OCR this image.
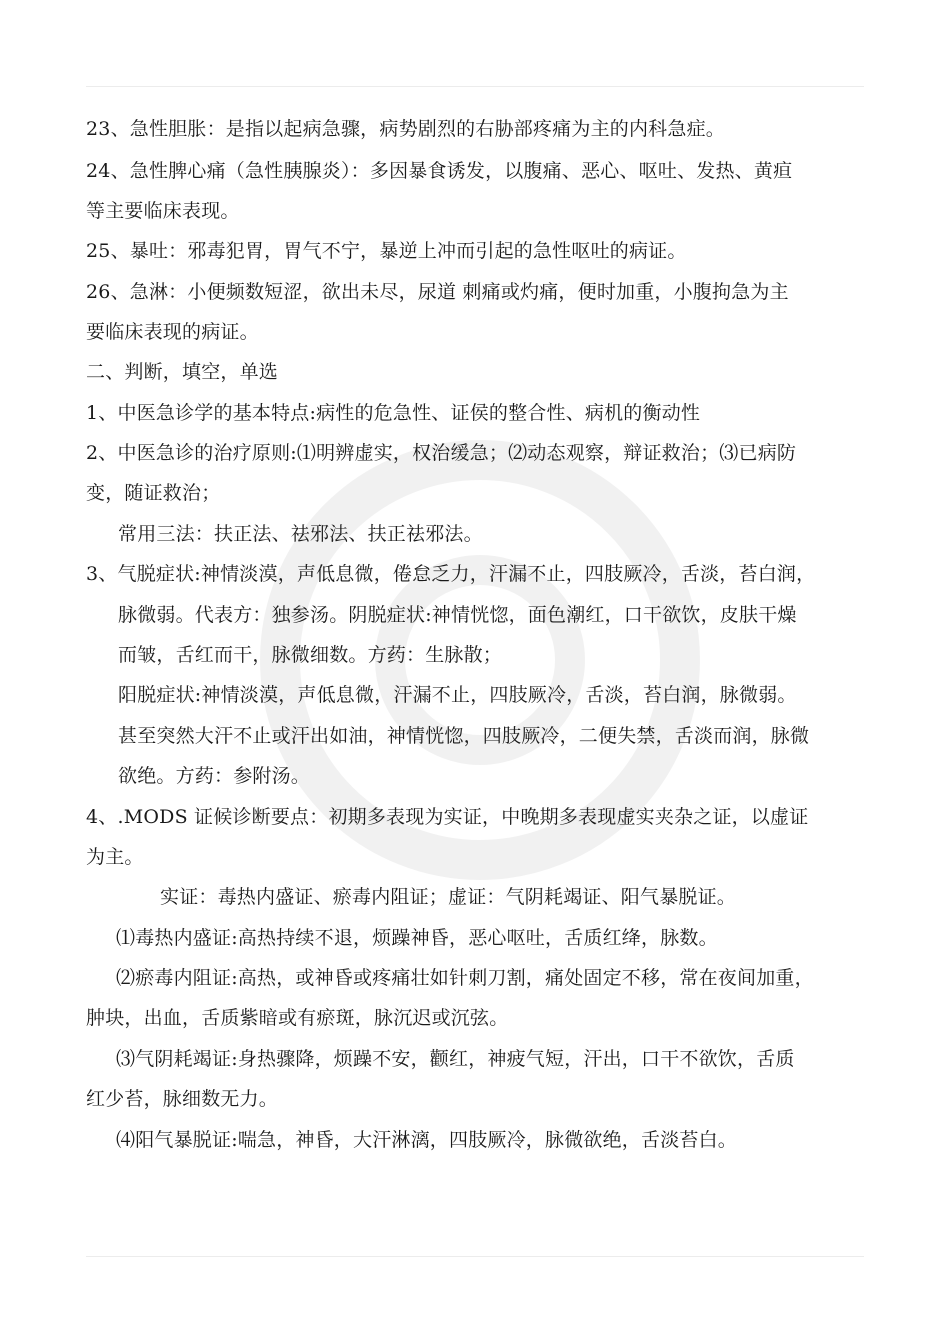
23、急性胆胀：是指以起病急骤，病势剧烈的右胁部疼痛为主的内科急症。
24、急性脾心痛（急性胰腺炎）：多因暴食诱发，以腹痛、恶心、呕吐、发热、黄疸
等主要临床表现。
25、暴吐：邪毒犯胃，胃气不宁，暴逆上冲而引起的急性呕吐的病证。
26、急淋：小便频数短涩，欲出未尽，尿道 刺痛或灼痛，便时加重，小腹拘急为主
要临床表现的病证。
二、判断，填空，单选
1、中医急诊学的基本特点:病性的危急性、证侯的整合性、病机的衡动性
2、中医急诊的治疗原则:⑴明辨虚实，权治缓急；⑵动态观察，辩证救治；⑶已病防
变，随证救治；
常用三法：扶正法、祛邪法、扶正祛邪法。
3、气脱症状:神情淡漠，声低息微，倦怠乏力，汗漏不止，四肢厥冷，舌淡，苔白润，
脉微弱。代表方：独参汤。阴脱症状:神情恍惚，面色潮红，口干欲饮，皮肤干燥
而皱，舌红而干，脉微细数。方药：生脉散；
阳脱症状:神情淡漠，声低息微，汗漏不止，四肢厥冷，舌淡，苔白润，脉微弱。
甚至突然大汗不止或汗出如油，神情恍惚，四肢厥冷，二便失禁，舌淡而润，脉微
欲绝。方药：参附汤。
4、.MODS 证候诊断要点：初期多表现为实证，中晚期多表现虚实夹杂之证，以虚证
为主。
实证：毒热内盛证、瘀毒内阻证；虚证：气阴耗竭证、阳气暴脱证。
⑴毒热内盛证:高热持续不退，烦躁神昏，恶心呕吐，舌质红绛，脉数。
⑵瘀毒内阻证:高热，或神昏或疼痛壮如针刺刀割，痛处固定不移，常在夜间加重，
肿块，出血，舌质紫暗或有瘀斑，脉沉迟或沉弦。
⑶气阴耗竭证:身热骤降，烦躁不安，颧红，神疲气短，汗出，口干不欲饮，舌质
红少苔，脉细数无力。
⑷阳气暴脱证:喘急，神昏，大汗淋漓，四肢厥冷，脉微欲绝，舌淡苔白。
